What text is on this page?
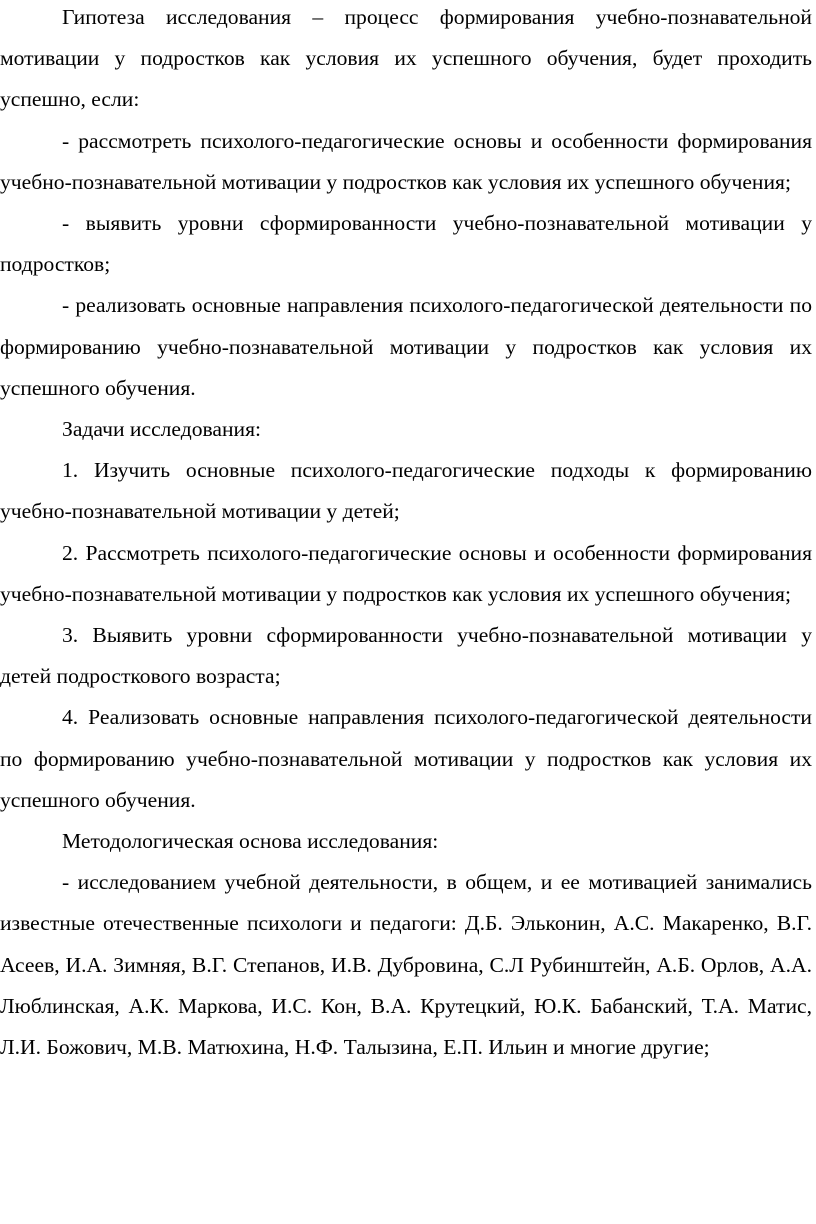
Гипотеза исследования – процесс формирования учебно-познавательной мотивации у подростков как условия их успешного обучения, будет проходить успешно, если:

- рассмотреть психолого-педагогические основы и особенности формирования учебно-познавательной мотивации у подростков как условия их успешного обучения;

- выявить уровни сформированности учебно-познавательной мотивации у подростков;

- реализовать основные направления психолого-педагогической деятельности по формированию учебно-познавательной мотивации у подростков как условия их успешного обучения.

Задачи исследования:

1. Изучить основные психолого-педагогические подходы к формированию учебно-познавательной мотивации у детей;

2. Рассмотреть психолого-педагогические основы и особенности формирования учебно-познавательной мотивации у подростков как условия их успешного обучения;

3. Выявить уровни сформированности учебно-познавательной мотивации у детей подросткового возраста;

4. Реализовать основные направления психолого-педагогической деятельности по формированию учебно-познавательной мотивации у подростков как условия их успешного обучения.

Методологическая основа исследования:

- исследованием учебной деятельности, в общем, и ее мотивацией занимались известные отечественные психологи и педагоги: Д.Б. Эльконин, А.С. Макаренко, В.Г. Асеев, И.А. Зимняя, В.Г. Степанов, И.В. Дубровина, С.Л Рубинштейн, А.Б. Орлов, А.А. Люблинская, А.К. Маркова, И.С. Кон, В.А. Крутецкий, Ю.К. Бабанский, Т.А. Матис, Л.И. Божович, М.В. Матюхина, Н.Ф. Талызина, Е.П. Ильин и многие другие;
